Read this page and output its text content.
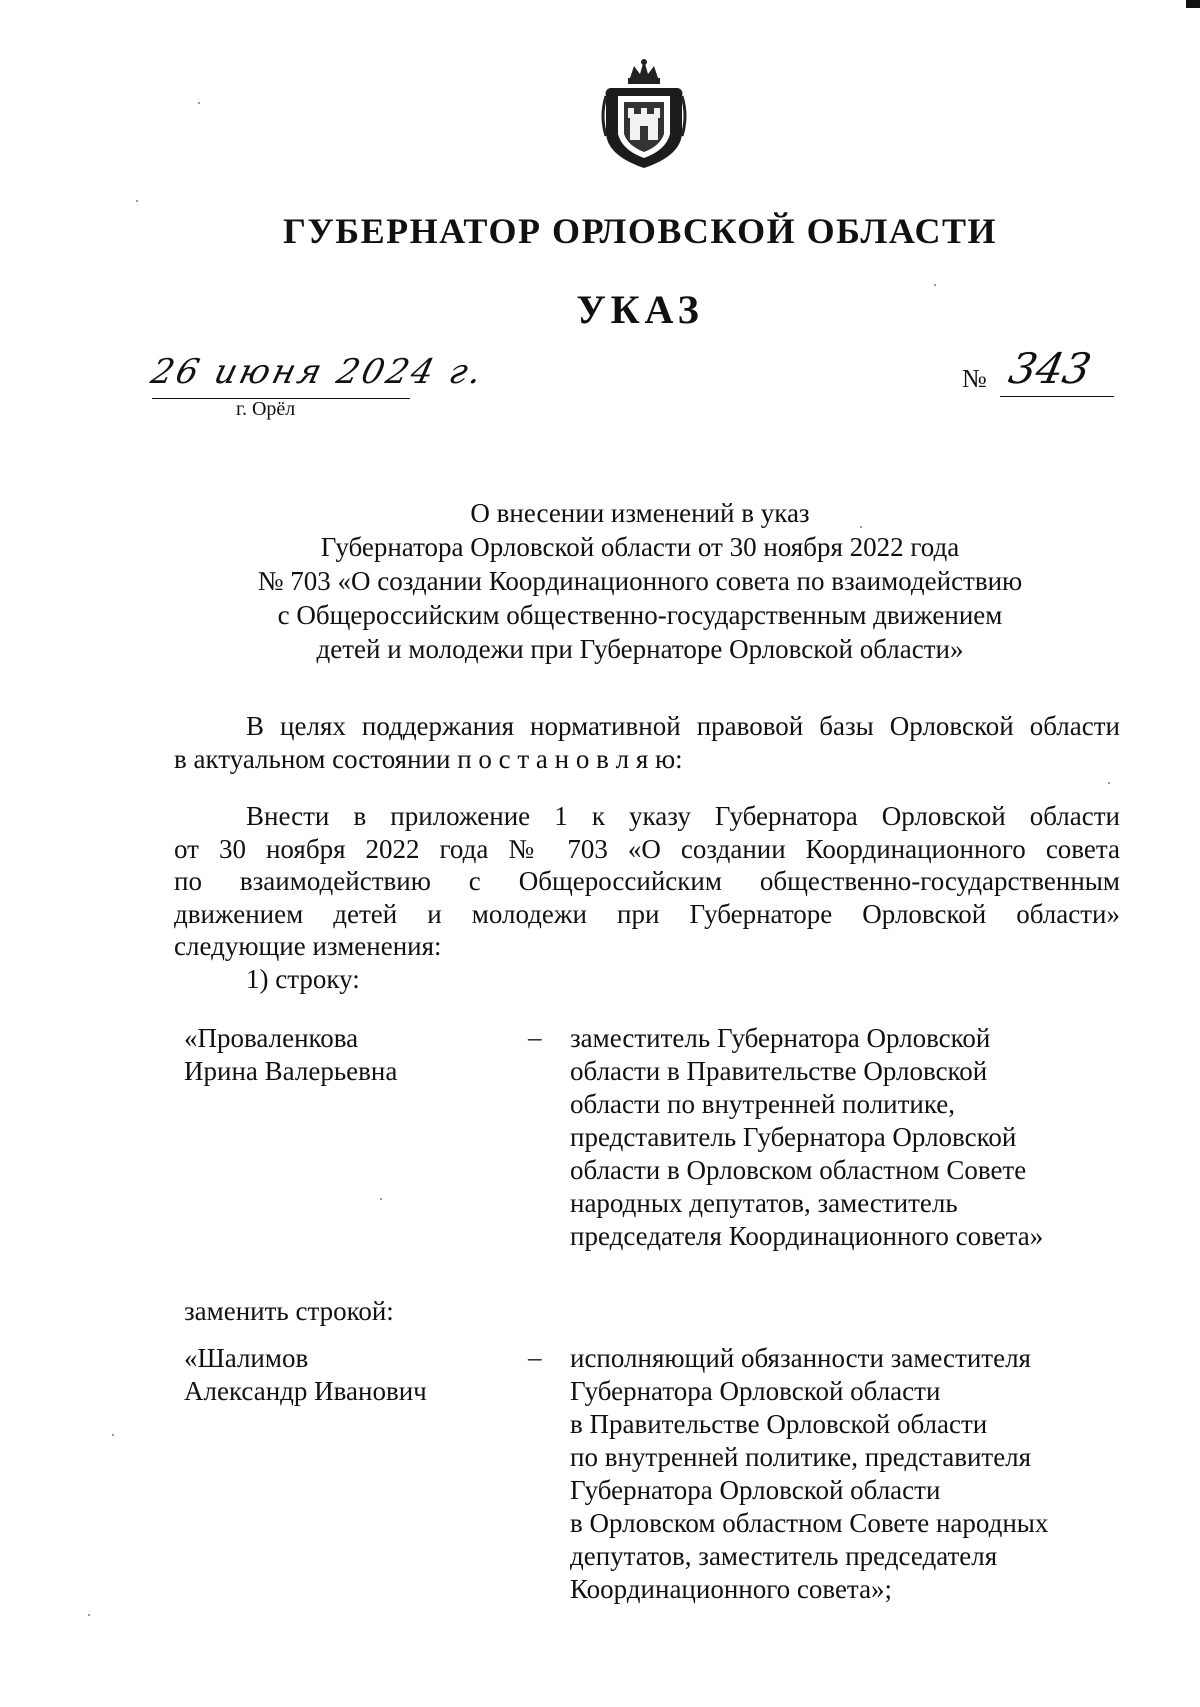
ГУБЕРНАТОР ОРЛОВСКОЙ ОБЛАСТИ
УКАЗ
26 июня 2024 г.
г. Орёл
№ 343
О внесении изменений в указ
Губернатора Орловской области от 30 ноября 2022 года
№ 703 «О создании Координационного совета по взаимодействию
с Общероссийским общественно-государственным движением
детей и молодежи при Губернаторе Орловской области»
В целях поддержания нормативной правовой базы Орловской области
в актуальном состоянии п о с т а н о в л я ю:
Внести в приложение 1 к указу Губернатора Орловской области
от 30 ноября 2022 года № 703 «О создании Координационного совета
по взаимодействию с Общероссийским общественно-государственным
движением детей и молодежи при Губернаторе Орловской области»
следующие изменения:
1) строку:
«Проваленкова
Ирина Валерьевна
– заместитель Губернатора Орловской
области в Правительстве Орловской
области по внутренней политике,
представитель Губернатора Орловской
области в Орловском областном Совете
народных депутатов, заместитель
председателя Координационного совета»
заменить строкой:
«Шалимов
Александр Иванович
– исполняющий обязанности заместителя
Губернатора Орловской области
в Правительстве Орловской области
по внутренней политике, представителя
Губернатора Орловской области
в Орловском областном Совете народных
депутатов, заместитель председателя
Координационного совета»;
